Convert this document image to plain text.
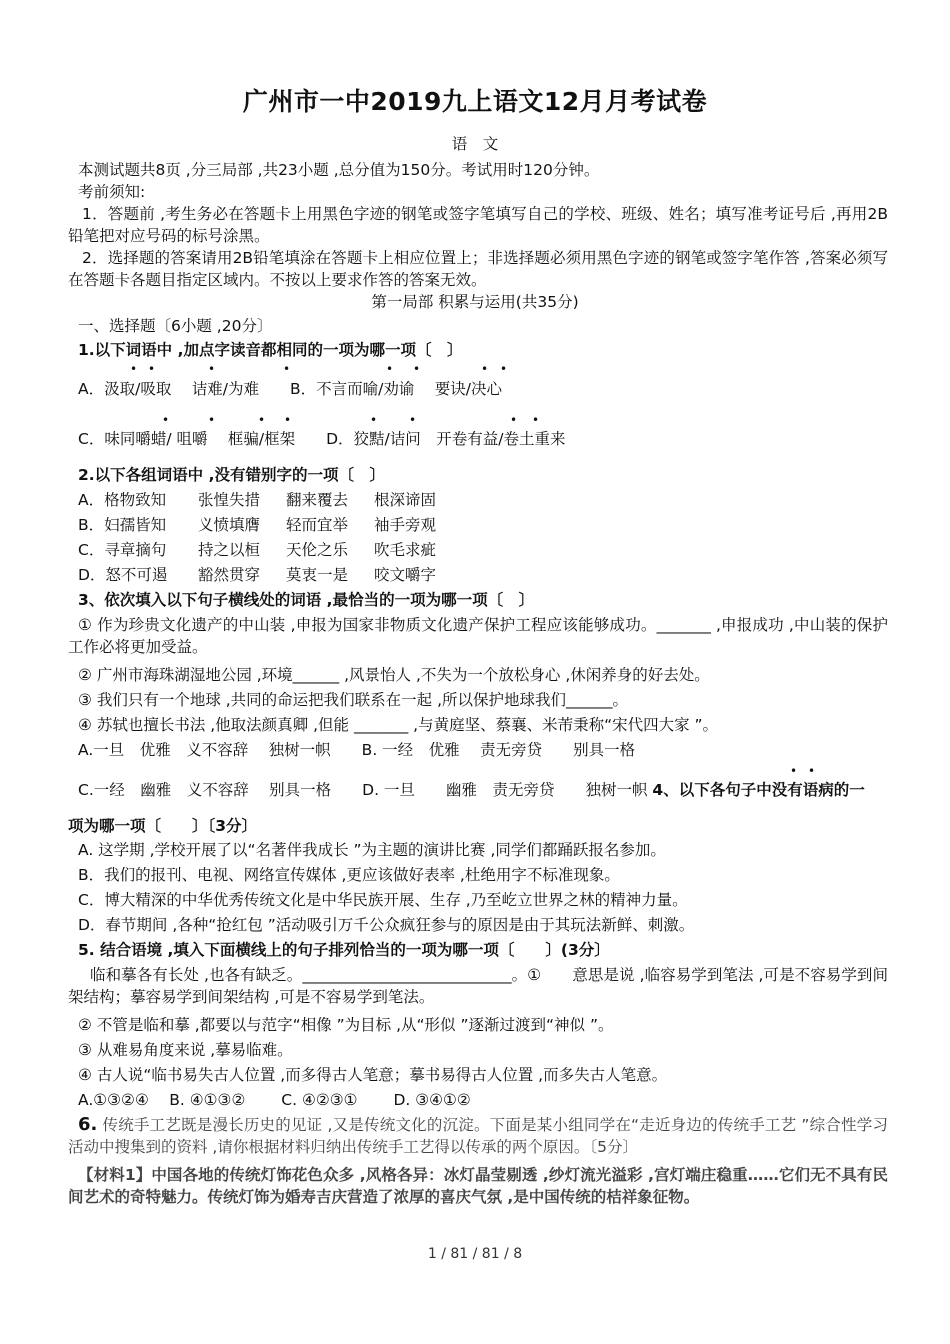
广州市一中2019九上语文12月月考试卷
语　文
本测试题共8页 ,分三局部 ,共23小题 ,总分值为150分。考试用时120分钟。
考前须知:
1．答题前 ,考生务必在答题卡上用黑色字迹的钢笔或签字笔填写自己的学校、班级、姓名；填写准考证号后 ,再用2B铅笔把对应号码的标号涂黑。
2．选择题的答案请用2B铅笔填涂在答题卡上相应位置上；非选择题必须用黑色字迹的钢笔或签字笔作答 ,答案必须写在答题卡各题目指定区域内。不按以上要求作答的答案无效。
第一局部 积累与运用(共35分)
一、选择题〔6小题 ,20分〕
1.以下词语中 ,加点字读音都相同的一项为哪一项〔　〕
• •	•	•	• •	• •
A．汲取/吸取　 诘难/为难　　B．不言而喻/劝谕　 要诀/决心
•	•	• •	•	•	• •
C．味同嚼蜡/ 咀嚼　 框骗/框架　　D．狡黠/诘问　开卷有益/卷土重来
2.以下各组词语中 ,没有错别字的一项〔　〕
A．格物致知 张惶失措 翻来覆去 根深谛固
B．妇孺皆知 义愤填膺 轻而宜举 袖手旁观
C．寻章摘句 持之以桓 天伦之乐 吹毛求疵
D．怒不可遏 豁然贯穿 莫衷一是 咬文嚼字
3、依次填入以下句子横线处的词语 ,最恰当的一项为哪一项〔　〕
① 作为珍贵文化遗产的中山装 ,申报为国家非物质文化遗产保护工程应该能够成功。_______ ,申报成功 ,中山装的保护工作必将更加受益。
② 广州市海珠湖湿地公园 ,环境______ ,风景怡人 ,不失为一个放松身心 ,休闲养身的好去处。
③ 我们只有一个地球 ,共同的命运把我们联系在一起 ,所以保护地球我们______。
④ 苏轼也擅长书法 ,他取法颜真卿 ,但能 _______ ,与黄庭坚、蔡襄、米芾秉称“宋代四大家 ”。
A.一旦　优雅　义不容辞　 独树一帜　　B. 一经　优雅　 责无旁贷　　别具一格
• •
C.一经　幽雅　义不容辞　 别具一格　　D. 一旦　　幽雅　责无旁贷　　独树一帜 4、以下各句子中没有语病的一
项为哪一项〔　　〕〔3分〕
A. 这学期 ,学校开展了以“名著伴我成长 ”为主题的演讲比赛 ,同学们都踊跃报名参加。
B．我们的报刊、电视、网络宣传媒体 ,更应该做好表率 ,杜绝用字不标准现象。
C．博大精深的中华优秀传统文化是中华民族开展、生存 ,乃至屹立世界之林的精神力量。
D．春节期间 ,各种“抢红包 ”活动吸引万千公众疯狂参与的原因是由于其玩法新鲜、刺激。
5. 结合语境 ,填入下面横线上的句子排列恰当的一项为哪一项〔　　〕(3分〕
临和摹各有长处 ,也各有缺乏。___________________________。①　　意思是说 ,临容易学到笔法 ,可是不容易学到间架结构；摹容易学到间架结构 ,可是不容易学到笔法。
② 不管是临和摹 ,都要以与范字“相像 ”为目标 ,从“形似 ”逐渐过渡到“神似 ”。
③ 从难易角度来说 ,摹易临难。
④ 古人说“临书易失古人位置 ,而多得古人笔意；摹书易得古人位置 ,而多失古人笔意。
A.①③②④　 B. ④①③②　　 C. ④②③①　　 D. ③④①②
6. 传统手工艺既是漫长历史的见证 ,又是传统文化的沉淀。下面是某小组同学在“走近身边的传统手工艺 ”综合性学习活动中搜集到的资料 ,请你根据材料归纳出传统手工艺得以传承的两个原因。〔5分〕
【材料1】中国各地的传统灯饰花色众多 ,风格各异：冰灯晶莹剔透 ,纱灯流光溢彩 ,宫灯端庄稳重……它们无不具有民间艺术的奇特魅力。传统灯饰为婚寿吉庆营造了浓厚的喜庆气氛 ,是中国传统的桔祥象征物。
1 / 81 / 81 / 8
